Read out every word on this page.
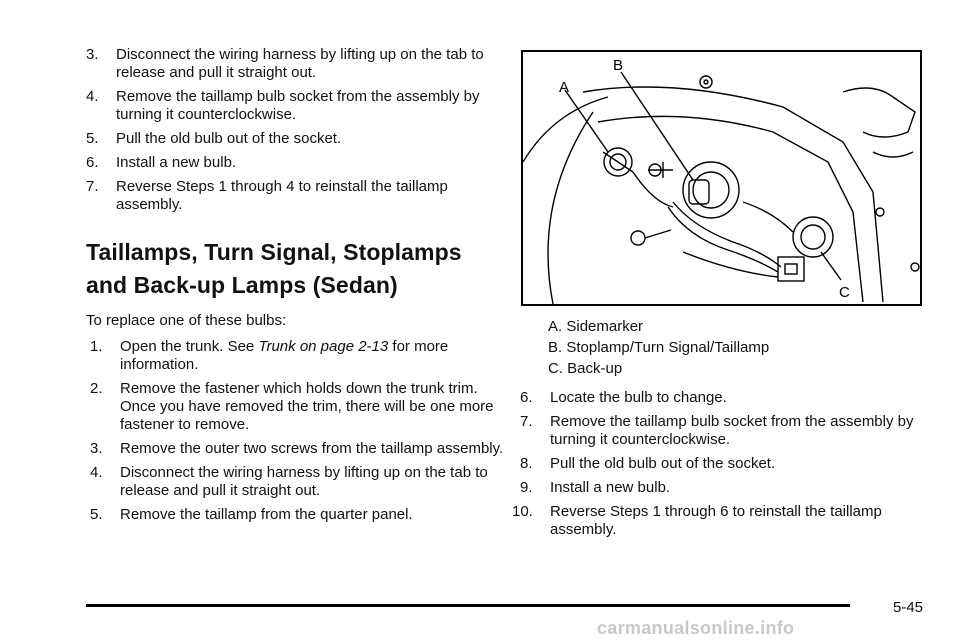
3. Disconnect the wiring harness by lifting up on the tab to release and pull it straight out.
4. Remove the taillamp bulb socket from the assembly by turning it counterclockwise.
5. Pull the old bulb out of the socket.
6. Install a new bulb.
7. Reverse Steps 1 through 4 to reinstall the taillamp assembly.
Taillamps, Turn Signal, Stoplamps
and Back-up Lamps (Sedan)
To replace one of these bulbs:
1. Open the trunk. See Trunk on page 2-13 for more information.
2. Remove the fastener which holds down the trunk trim. Once you have removed the trim, there will be one more fastener to remove.
3. Remove the outer two screws from the taillamp assembly.
4. Disconnect the wiring harness by lifting up on the tab to release and pull it straight out.
5. Remove the taillamp from the quarter panel.
A
B
C
A. Sidemarker
B. Stoplamp/Turn Signal/Taillamp
C. Back-up
6. Locate the bulb to change.
7. Remove the taillamp bulb socket from the assembly by turning it counterclockwise.
8. Pull the old bulb out of the socket.
9. Install a new bulb.
10. Reverse Steps 1 through 6 to reinstall the taillamp assembly.
5-45
carmanualsonline.info
